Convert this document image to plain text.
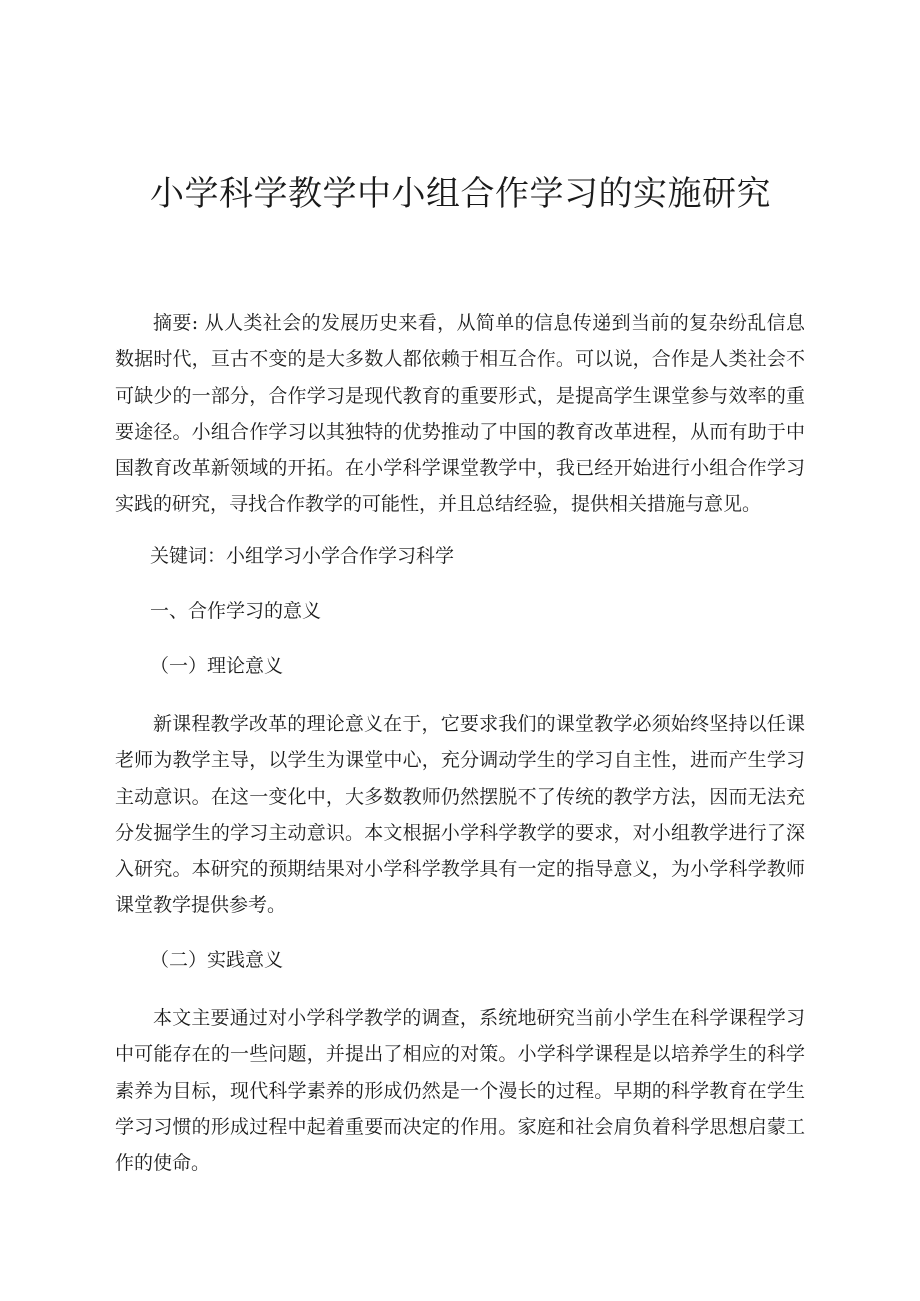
小学科学教学中小组合作学习的实施研究

摘要: 从人类社会的发展历史来看，从简单的信息传递到当前的复杂纷乱信息数据时代，亘古不变的是大多数人都依赖于相互合作。可以说，合作是人类社会不可缺少的一部分，合作学习是现代教育的重要形式，是提高学生课堂参与效率的重要途径。小组合作学习以其独特的优势推动了中国的教育改革进程，从而有助于中国教育改革新领域的开拓。在小学科学课堂教学中，我已经开始进行小组合作学习实践的研究，寻找合作教学的可能性，并且总结经验，提供相关措施与意见。

关键词：小组学习小学合作学习科学

一、合作学习的意义

（一）理论意义

新课程教学改革的理论意义在于，它要求我们的课堂教学必须始终坚持以任课老师为教学主导，以学生为课堂中心，充分调动学生的学习自主性，进而产生学习主动意识。在这一变化中，大多数教师仍然摆脱不了传统的教学方法，因而无法充分发掘学生的学习主动意识。本文根据小学科学教学的要求，对小组教学进行了深入研究。本研究的预期结果对小学科学教学具有一定的指导意义，为小学科学教师课堂教学提供参考。

（二）实践意义

本文主要通过对小学科学教学的调查，系统地研究当前小学生在科学课程学习中可能存在的一些问题，并提出了相应的对策。小学科学课程是以培养学生的科学素养为目标，现代科学素养的形成仍然是一个漫长的过程。早期的科学教育在学生学习习惯的形成过程中起着重要而决定的作用。家庭和社会肩负着科学思想启蒙工作的使命。
